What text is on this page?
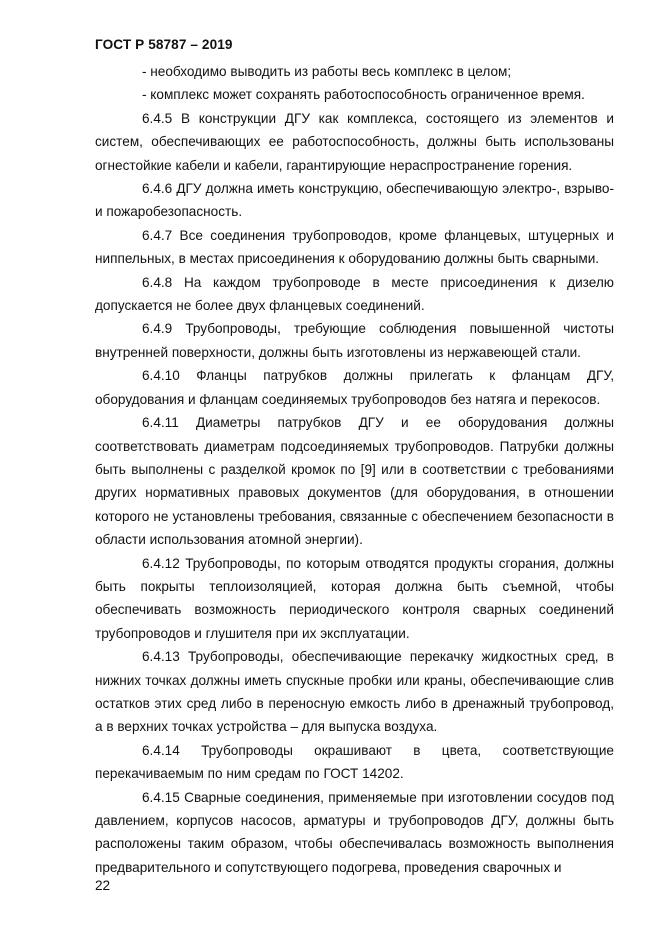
ГОСТ Р 58787 – 2019

- необходимо выводить из работы весь комплекс в целом;

- комплекс может сохранять работоспособность ограниченное время.

6.4.5 В конструкции ДГУ как комплекса, состоящего из элементов и систем, обеспечивающих ее работоспособность, должны быть использованы огнестойкие кабели и кабели, гарантирующие нераспространение горения.

6.4.6 ДГУ должна иметь конструкцию, обеспечивающую электро-, взрыво- и пожаробезопасность.

6.4.7 Все соединения трубопроводов, кроме фланцевых, штуцерных и ниппельных, в местах присоединения к оборудованию должны быть сварными.

6.4.8 На каждом трубопроводе в месте присоединения к дизелю допускается не более двух фланцевых соединений.

6.4.9 Трубопроводы, требующие соблюдения повышенной чистоты внутренней поверхности, должны быть изготовлены из нержавеющей стали.

6.4.10 Фланцы патрубков должны прилегать к фланцам ДГУ, оборудования и фланцам соединяемых трубопроводов без натяга и перекосов.

6.4.11 Диаметры патрубков ДГУ и ее оборудования должны соответствовать диаметрам подсоединяемых трубопроводов. Патрубки должны быть выполнены с разделкой кромок по [9] или в соответствии с требованиями других нормативных правовых документов (для оборудования, в отношении которого не установлены требования, связанные с обеспечением безопасности в области использования атомной энергии).

6.4.12 Трубопроводы, по которым отводятся продукты сгорания, должны быть покрыты теплоизоляцией, которая должна быть съемной, чтобы обеспечивать возможность периодического контроля сварных соединений трубопроводов и глушителя при их эксплуатации.

6.4.13 Трубопроводы, обеспечивающие перекачку жидкостных сред, в нижних точках должны иметь спускные пробки или краны, обеспечивающие слив остатков этих сред либо в переносную емкость либо в дренажный трубопровод, а в верхних точках устройства – для выпуска воздуха.

6.4.14 Трубопроводы окрашивают в цвета, соответствующие перекачиваемым по ним средам по ГОСТ 14202.

6.4.15 Сварные соединения, применяемые при изготовлении сосудов под давлением, корпусов насосов, арматуры и трубопроводов ДГУ, должны быть расположены таким образом, чтобы обеспечивалась возможность выполнения предварительного и сопутствующего подогрева, проведения сварочных и

22
